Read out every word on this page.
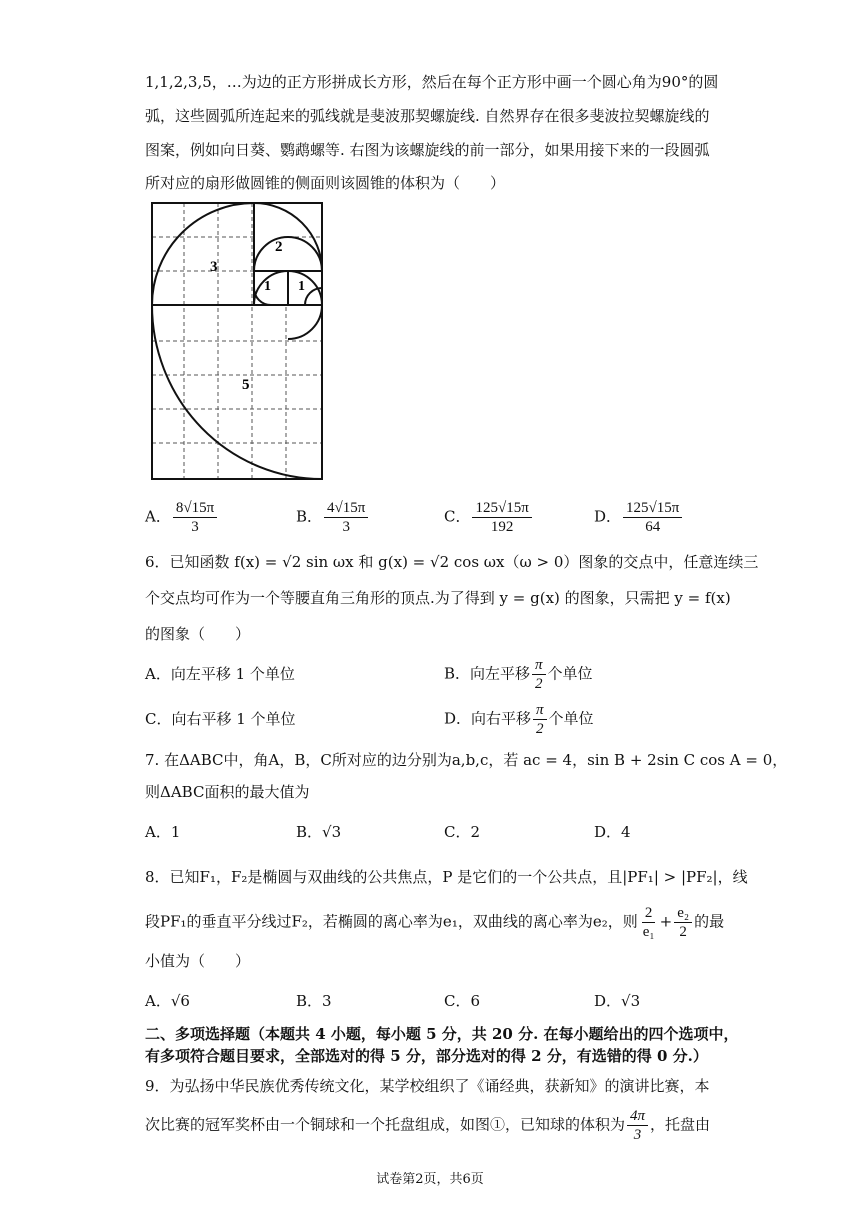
1,1,2,3,5，…为边的正方形拼成长方形，然后在每个正方形中画一个圆心角为90°的圆
弧，这些圆弧所连起来的弧线就是斐波那契螺旋线. 自然界存在很多斐波拉契螺旋线的
图案，例如向日葵、鹦鹉螺等. 右图为该螺旋线的前一部分，如果用接下来的一段圆弧
所对应的扇形做圆锥的侧面则该圆锥的体积为（　　）
3
2
1 1
5
A． $\frac{8√15\pi}{3}$	B． $\frac{4√15\pi}{3}$	C． $\frac{125√15\pi}{192}$	D． $\frac{125√15\pi}{64}$
6．已知函数 f(x) = √2 sin ωx 和 g(x) = √2 cos ωx（ω > 0）图象的交点中，任意连续三
个交点均可作为一个等腰直角三角形的顶点.为了得到 y = g(x) 的图象，只需把 y = f(x)
的图象（　　）
A．向左平移 1 个单位	B．向左平移 $\frac{\pi}{2}$ 个单位
C．向右平移 1 个单位	D．向右平移 $\frac{\pi}{2}$ 个单位
7. 在ΔABC中，角A，B，C所对应的边分别为a,b,c，若 ac = 4，sin B + 2sin C cos A = 0，
则ΔABC面积的最大值为
A．1	B．√3	C．2	D．4
8．已知F₁，F₂是椭圆与双曲线的公共焦点，P 是它们的一个公共点，且|PF₁| > |PF₂|，线
段PF₁的垂直平分线过F₂，若椭圆的离心率为e₁，双曲线的离心率为e₂，则 $\frac{2}{\text{e₁}} + \frac{\text{e₂}}{2}$ 的最
小值为（　　）
A．√6	B．3	C．6	D．√3
二、多项选择题（本题共 4 小题，每小题 5 分，共 20 分. 在每小题给出的四个选项中，
有多项符合题目要求，全部选对的得 5 分，部分选对的得 2 分，有选错的得 0 分.）
9．为弘扬中华民族优秀传统文化，某学校组织了《诵经典，获新知》的演讲比赛，本
次比赛的冠军奖杯由一个铜球和一个托盘组成，如图①，已知球的体积为 $\frac{4\pi}{3}$ ，托盘由
试卷第2页，共6页
